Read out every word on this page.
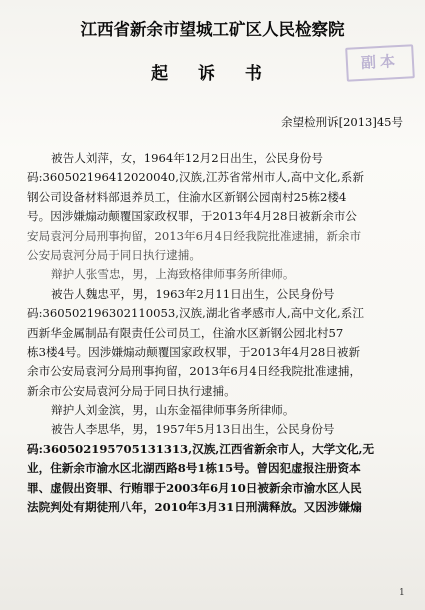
江西省新余市望城工矿区人民检察院
起 诉 书
副本
余望检刑诉[2013]45号
被告人刘萍，女，1964年12月2日出生，公民身份号
码:360502196412020040,汉族,江苏省常州市人,高中文化,系新
钢公司设备材料部退养员工，住渝水区新钢公园南村25栋2楼4
号。因涉嫌煽动颠覆国家政权罪，于2013年4月28日被新余市公
安局袁河分局刑事拘留，2013年6月4日经我院批准逮捕，新余市
公安局袁河分局于同日执行逮捕。
辩护人张雪忠，男，上海致格律师事务所律师。
被告人魏忠平，男，1963年2月11日出生，公民身份号
码:360502196302110053,汉族,湖北省孝感市人,高中文化,系江
西新华金属制品有限责任公司员工，住渝水区新钢公园北村57
栋3楼4号。因涉嫌煽动颠覆国家政权罪，于2013年4月28日被新
余市公安局袁河分局刑事拘留，2013年6月4日经我院批准逮捕，
新余市公安局袁河分局于同日执行逮捕。
辩护人刘金滨，男，山东金福律师事务所律师。
被告人李思华，男，1957年5月13日出生，公民身份号
码:360502195705131313,汉族,江西省新余市人，大学文化,无
业，住新余市渝水区北湖西路8号1栋15号。曾因犯虚报注册资本
罪、虚假出资罪、行贿罪于2003年6月10日被新余市渝水区人民
法院判处有期徒刑八年，2010年3月31日刑满释放。又因涉嫌煽
1
